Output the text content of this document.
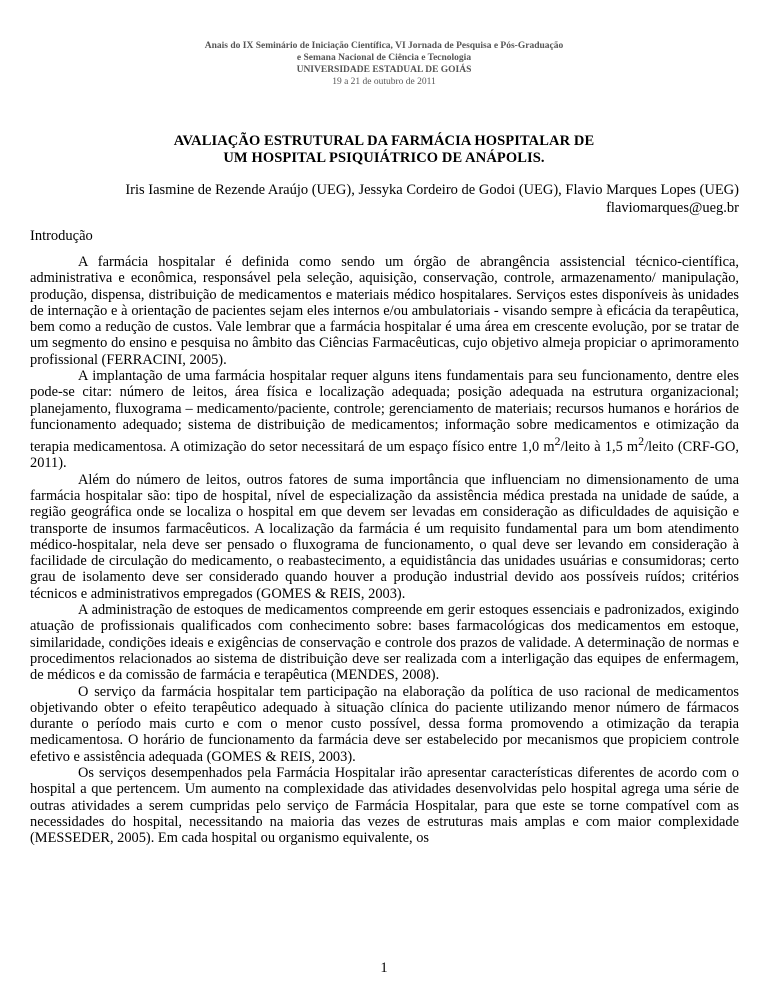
Anais do IX Seminário de Iniciação Científica, VI Jornada de Pesquisa e Pós-Graduação
e Semana Nacional de Ciência e Tecnologia
UNIVERSIDADE ESTADUAL DE GOIÁS
19 a 21 de outubro de 2011
AVALIAÇÃO ESTRUTURAL DA FARMÁCIA HOSPITALAR DE
UM HOSPITAL PSIQUIÁTRICO DE ANÁPOLIS.
Iris Iasmine de Rezende Araújo (UEG), Jessyka Cordeiro de Godoi (UEG), Flavio Marques Lopes (UEG)
flaviomarques@ueg.br
Introdução

A farmácia hospitalar é definida como sendo um órgão de abrangência assistencial técnico-científica, administrativa e econômica, responsável pela seleção, aquisição, conservação, controle, armazenamento/ manipulação, produção, dispensa, distribuição de medicamentos e materiais médico hospitalares. Serviços estes disponíveis às unidades de internação e à orientação de pacientes sejam eles internos e/ou ambulatoriais - visando sempre à eficácia da terapêutica, bem como a redução de custos. Vale lembrar que a farmácia hospitalar é uma área em crescente evolução, por se tratar de um segmento do ensino e pesquisa no âmbito das Ciências Farmacêuticas, cujo objetivo almeja propiciar o aprimoramento profissional (FERRACINI, 2005).

A implantação de uma farmácia hospitalar requer alguns itens fundamentais para seu funcionamento, dentre eles pode-se citar: número de leitos, área física e localização adequada; posição adequada na estrutura organizacional; planejamento, fluxograma – medicamento/paciente, controle; gerenciamento de materiais; recursos humanos e horários de funcionamento adequado; sistema de distribuição de medicamentos; informação sobre medicamentos e otimização da terapia medicamentosa. A otimização do setor necessitará de um espaço físico entre 1,0 $m^2$/leito à 1,5 $m^2$/leito (CRF-GO, 2011).

Além do número de leitos, outros fatores de suma importância que influenciam no dimensionamento de uma farmácia hospitalar são: tipo de hospital, nível de especialização da assistência médica prestada na unidade de saúde, a região geográfica onde se localiza o hospital em que devem ser levadas em consideração as dificuldades de aquisição e transporte de insumos farmacêuticos. A localização da farmácia é um requisito fundamental para um bom atendimento médico-hospitalar, nela deve ser pensado o fluxograma de funcionamento, o qual deve ser levando em consideração à facilidade de circulação do medicamento, o reabastecimento, a equidistância das unidades usuárias e consumidoras; certo grau de isolamento deve ser considerado quando houver a produção industrial devido aos possíveis ruídos; critérios técnicos e administrativos empregados (GOMES & REIS, 2003).

A administração de estoques de medicamentos compreende em gerir estoques essenciais e padronizados, exigindo atuação de profissionais qualificados com conhecimento sobre: bases farmacológicas dos medicamentos em estoque, similaridade, condições ideais e exigências de conservação e controle dos prazos de validade. A determinação de normas e procedimentos relacionados ao sistema de distribuição deve ser realizada com a interligação das equipes de enfermagem, de médicos e da comissão de farmácia e terapêutica (MENDES, 2008).

O serviço da farmácia hospitalar tem participação na elaboração da política de uso racional de medicamentos objetivando obter o efeito terapêutico adequado à situação clínica do paciente utilizando menor número de fármacos durante o período mais curto e com o menor custo possível, dessa forma promovendo a otimização da terapia medicamentosa. O horário de funcionamento da farmácia deve ser estabelecido por mecanismos que propiciem controle efetivo e assistência adequada (GOMES & REIS, 2003).

Os serviços desempenhados pela Farmácia Hospitalar irão apresentar características diferentes de acordo com o hospital a que pertencem. Um aumento na complexidade das atividades desenvolvidas pelo hospital agrega uma série de outras atividades a serem cumpridas pelo serviço de Farmácia Hospitalar, para que este se torne compatível com as necessidades do hospital, necessitando na maioria das vezes de estruturas mais amplas e com maior complexidade (MESSEDER, 2005). Em cada hospital ou organismo equivalente, os

1
